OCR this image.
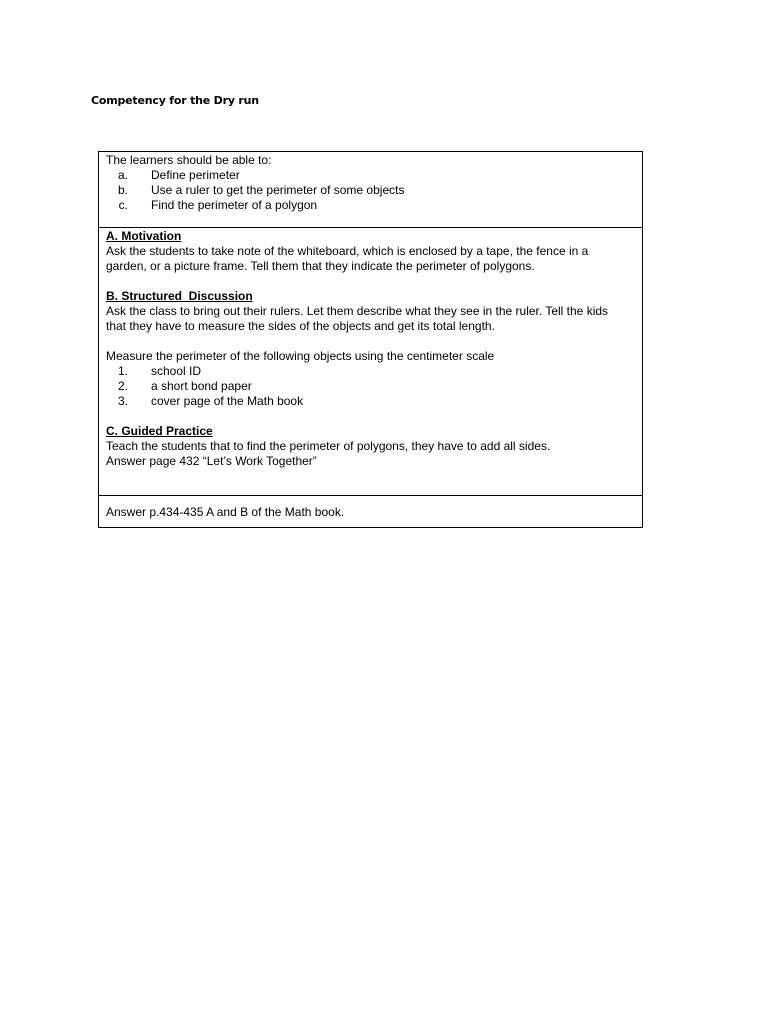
Competency for the Dry run
The learners should be able to:
a.	Define perimeter
b.	Use a ruler to get the perimeter of some objects
c.	Find the perimeter of a polygon
A. Motivation
Ask the students to take note of the whiteboard, which is enclosed by a tape, the fence in a
garden, or a picture frame. Tell them that they indicate the perimeter of polygons.
B. Structured  Discussion
Ask the class to bring out their rulers. Let them describe what they see in the ruler. Tell the kids
that they have to measure the sides of the objects and get its total length.
Measure the perimeter of the following objects using the centimeter scale
1.	school ID
2.	a short bond paper
3.	cover page of the Math book
C. Guided Practice
Teach the students that to find the perimeter of polygons, they have to add all sides.
Answer page 432 “Let’s Work Together”
Answer p.434-435 A and B of the Math book.
